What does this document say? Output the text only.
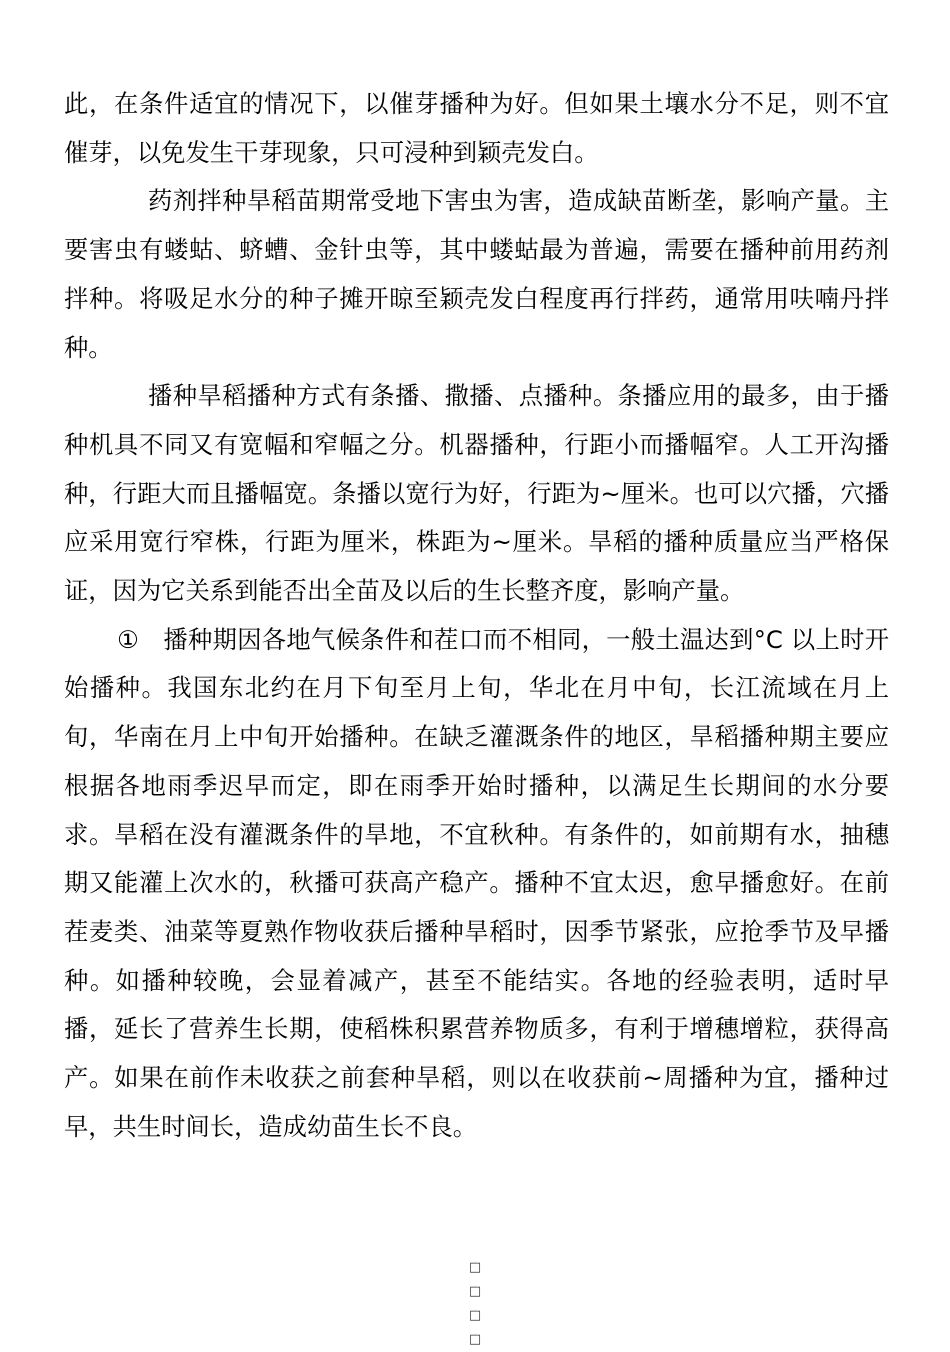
此，在条件适宜的情况下，以催芽播种为好。但如果土壤水分不足，则不宜催芽，以免发生干芽现象，只可浸种到颖壳发白。

药剂拌种旱稻苗期常受地下害虫为害，造成缺苗断垄，影响产量。主要害虫有蝼蛄、蛴螬、金针虫等，其中蝼蛄最为普遍，需要在播种前用药剂拌种。将吸足水分的种子摊开晾至颖壳发白程度再行拌药，通常用呋喃丹拌种。

播种旱稻播种方式有条播、撒播、点播种。条播应用的最多，由于播种机具不同又有宽幅和窄幅之分。机器播种，行距小而播幅窄。人工开沟播种，行距大而且播幅宽。条播以宽行为好，行距为~厘米。也可以穴播，穴播应采用宽行窄株，行距为厘米，株距为~厘米。旱稻的播种质量应当严格保证，因为它关系到能否出全苗及以后的生长整齐度，影响产量。

①  播种期因各地气候条件和茬口而不相同，一般土温达到°C 以上时开始播种。我国东北约在月下旬至月上旬，华北在月中旬，长江流域在月上旬，华南在月上中旬开始播种。在缺乏灌溉条件的地区，旱稻播种期主要应根据各地雨季迟早而定，即在雨季开始时播种，以满足生长期间的水分要求。旱稻在没有灌溉条件的旱地，不宜秋种。有条件的，如前期有水，抽穗期又能灌上次水的，秋播可获高产稳产。播种不宜太迟，愈早播愈好。在前茬麦类、油菜等夏熟作物收获后播种旱稻时，因季节紧张，应抢季节及早播种。如播种较晚，会显着减产，甚至不能结实。各地的经验表明，适时早播，延长了营养生长期，使稻株积累营养物质多，有利于增穗增粒，获得高产。如果在前作未收获之前套种旱稻，则以在收获前~周播种为宜，播种过早，共生时间长，造成幼苗生长不良。

□
□
□
□
